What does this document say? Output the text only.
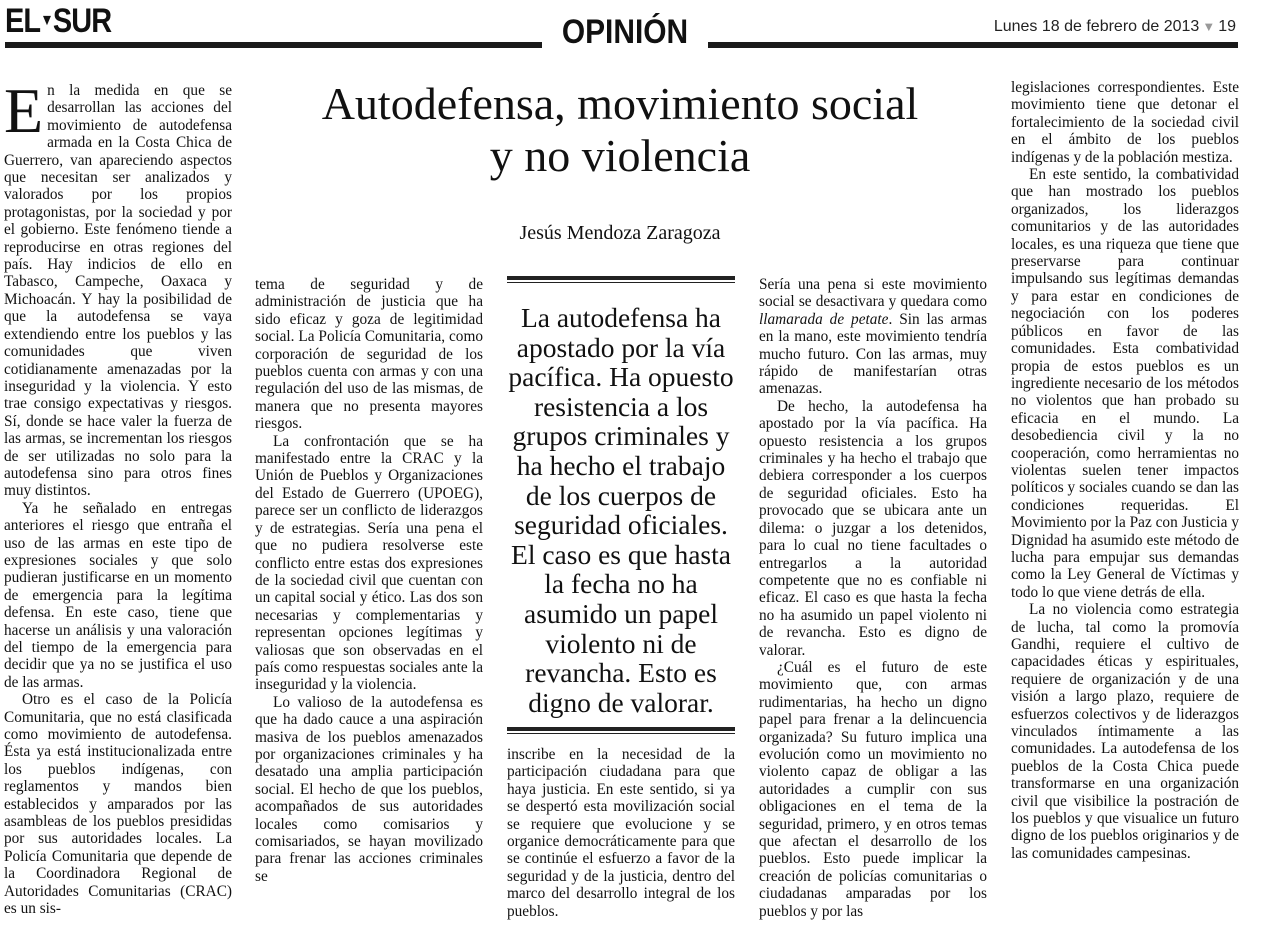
EL▼SUR	OPINIÓN	Lunes 18 de febrero de 2013 ▼ 19
Autodefensa, movimiento social
y no violencia
Jesús Mendoza Zaragoza

En la medida en que se desarrollan las acciones del movimiento de autodefensa armada en la Costa Chica de Guerrero, van apareciendo aspectos que necesitan ser analizados y valorados por los propios protagonistas, por la sociedad y por el gobierno. Este fenómeno tiende a reproducirse en otras regiones del país. Hay indicios de ello en Tabasco, Campeche, Oaxaca y Michoacán. Y hay la posibilidad de que la autodefensa se vaya extendiendo entre los pueblos y las comunidades que viven cotidianamente amenazadas por la inseguridad y la violencia. Y esto trae consigo expectativas y riesgos. Sí, donde se hace valer la fuerza de las armas, se incrementan los riesgos de ser utilizadas no solo para la autodefensa sino para otros fines muy distintos.

Ya he señalado en entregas anteriores el riesgo que entraña el uso de las armas en este tipo de expresiones sociales y que solo pudieran justificarse en un momento de emergencia para la legítima defensa. En este caso, tiene que hacerse un análisis y una valoración del tiempo de la emergencia para decidir que ya no se justifica el uso de las armas.

Otro es el caso de la Policía Comunitaria, que no está clasificada como movimiento de autodefensa. Ésta ya está institucionalizada entre los pueblos indígenas, con reglamentos y mandos bien establecidos y amparados por las asambleas de los pueblos presididas por sus autoridades locales. La Policía Comunitaria que depende de la Coordinadora Regional de Autoridades Comunitarias (CRAC) es un sis-

tema de seguridad y de administración de justicia que ha sido eficaz y goza de legitimidad social. La Policía Comunitaria, como corporación de seguridad de los pueblos cuenta con armas y con una regulación del uso de las mismas, de manera que no presenta mayores riesgos.

La confrontación que se ha manifestado entre la CRAC y la Unión de Pueblos y Organizaciones del Estado de Guerrero (UPOEG), parece ser un conflicto de liderazgos y de estrategias. Sería una pena el que no pudiera resolverse este conflicto entre estas dos expresiones de la sociedad civil que cuentan con un capital social y ético. Las dos son necesarias y complementarias y representan opciones legítimas y valiosas que son observadas en el país como respuestas sociales ante la inseguridad y la violencia.

Lo valioso de la autodefensa es que ha dado cauce a una aspiración masiva de los pueblos amenazados por organizaciones criminales y ha desatado una amplia participación social. El hecho de que los pueblos, acompañados de sus autoridades locales como comisarios y comisariados, se hayan movilizado para frenar las acciones criminales se

La autodefensa ha apostado por la vía pacífica. Ha opuesto resistencia a los grupos criminales y ha hecho el trabajo de los cuerpos de seguridad oficiales. El caso es que hasta la fecha no ha asumido un papel violento ni de revancha. Esto es digno de valorar.

inscribe en la necesidad de la participación ciudadana para que haya justicia. En este sentido, si ya se despertó esta movilización social se requiere que evolucione y se organice democráticamente para que se continúe el esfuerzo a favor de la seguridad y de la justicia, dentro del marco del desarrollo integral de los pueblos.

Sería una pena si este movimiento social se desactivara y quedara como llamarada de petate. Sin las armas en la mano, este movimiento tendría mucho futuro. Con las armas, muy rápido de manifestarían otras amenazas.

De hecho, la autodefensa ha apostado por la vía pacífica. Ha opuesto resistencia a los grupos criminales y ha hecho el trabajo que debiera corresponder a los cuerpos de seguridad oficiales. Esto ha provocado que se ubicara ante un dilema: o juzgar a los detenidos, para lo cual no tiene facultades o entregarlos a la autoridad competente que no es confiable ni eficaz. El caso es que hasta la fecha no ha asumido un papel violento ni de revancha. Esto es digno de valorar.

¿Cuál es el futuro de este movimiento que, con armas rudimentarias, ha hecho un digno papel para frenar a la delincuencia organizada? Su futuro implica una evolución como un movimiento no violento capaz de obligar a las autoridades a cumplir con sus obligaciones en el tema de la seguridad, primero, y en otros temas que afectan el desarrollo de los pueblos. Esto puede implicar la creación de policías comunitarias o ciudadanas amparadas por los pueblos y por las

legislaciones correspondientes. Este movimiento tiene que detonar el fortalecimiento de la sociedad civil en el ámbito de los pueblos indígenas y de la población mestiza.

En este sentido, la combatividad que han mostrado los pueblos organizados, los liderazgos comunitarios y de las autoridades locales, es una riqueza que tiene que preservarse para continuar impulsando sus legítimas demandas y para estar en condiciones de negociación con los poderes públicos en favor de las comunidades. Esta combatividad propia de estos pueblos es un ingrediente necesario de los métodos no violentos que han probado su eficacia en el mundo. La desobediencia civil y la no cooperación, como herramientas no violentas suelen tener impactos políticos y sociales cuando se dan las condiciones requeridas. El Movimiento por la Paz con Justicia y Dignidad ha asumido este método de lucha para empujar sus demandas como la Ley General de Víctimas y todo lo que viene detrás de ella.

La no violencia como estrategia de lucha, tal como la promovía Gandhi, requiere el cultivo de capacidades éticas y espirituales, requiere de organización y de una visión a largo plazo, requiere de esfuerzos colectivos y de liderazgos vinculados íntimamente a las comunidades. La autodefensa de los pueblos de la Costa Chica puede transformarse en una organización civil que visibilice la postración de los pueblos y que visualice un futuro digno de los pueblos originarios y de las comunidades campesinas.
